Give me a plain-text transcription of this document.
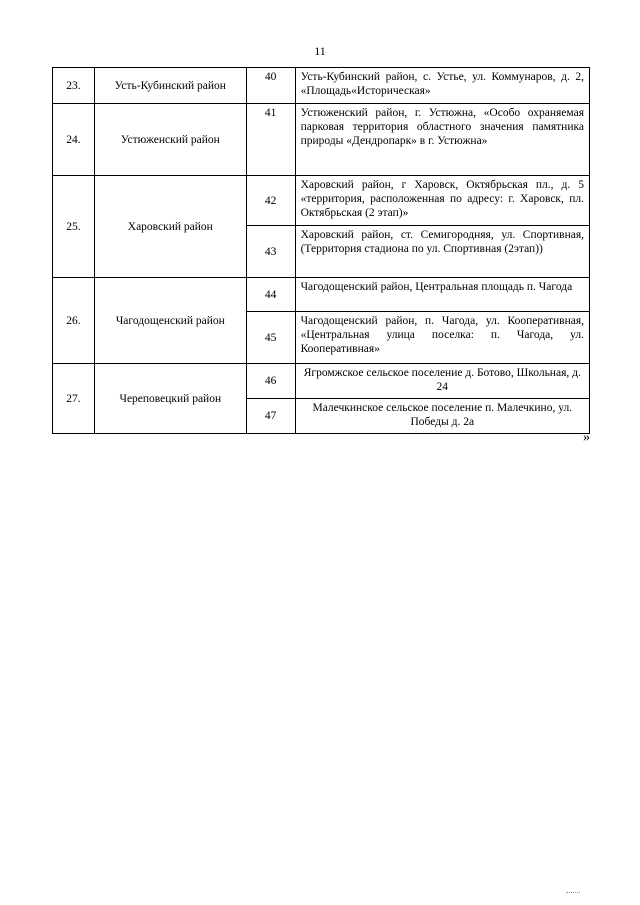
11
23.	Усть-Кубинский район	40	Усть-Кубинский район, с. Устье, ул. Коммунаров, д. 2, «Площадь«Историческая»
24.	Устюженский район	41	Устюженский район, г. Устюжна, «Особо охраняемая парковая территория областного значения памятника природы «Дендропарк» в г. Устюжна»
25.	Харовский район	42	Харовский район, г Харовск, Октябрьская пл., д. 5 «территория, расположенная по адресу: г. Харовск, пл. Октябрьская (2 этап)»
		43	Харовский район, ст. Семигородняя, ул. Спортивная, (Территория стадиона по ул. Спортивная (2этап))
26.	Чагодощенский район	44	Чагодощенский район, Центральная площадь п. Чагода
		45	Чагодощенский район, п. Чагода, ул. Кооперативная, «Центральная улица поселка: п. Чагода, ул. Кооперативная»
27.	Череповецкий район	46	Ягромжское сельское поселение д. Ботово, Школьная, д. 24
		47	Малечкинское сельское поселение п. Малечкино, ул. Победы д. 2а
»
